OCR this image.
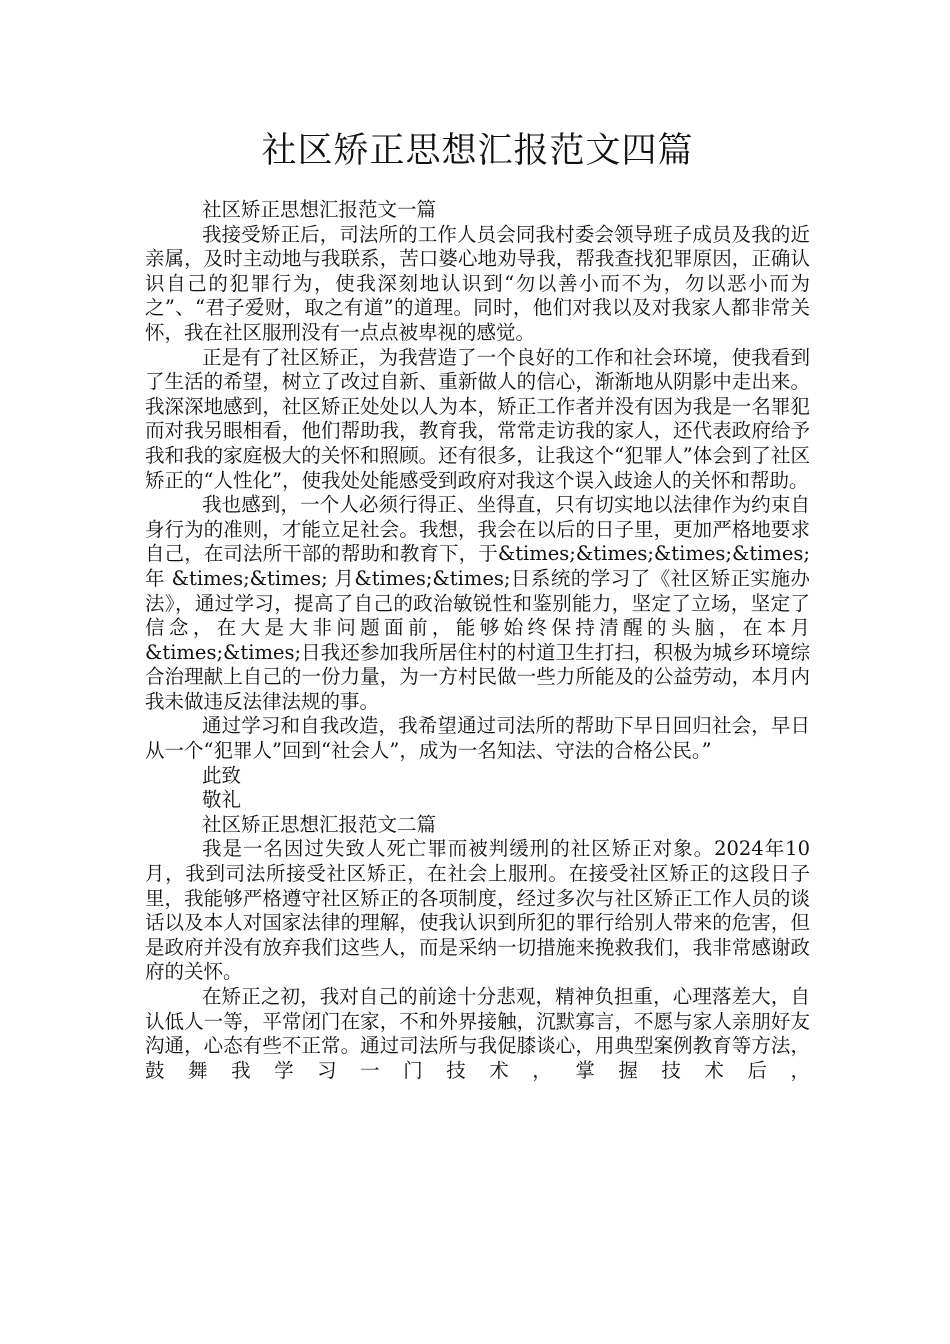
社区矫正思想汇报范文四篇

社区矫正思想汇报范文一篇

我接受矫正后，司法所的工作人员会同我村委会领导班子成员及我的近亲属，及时主动地与我联系，苦口婆心地劝导我，帮我查找犯罪原因，正确认识自己的犯罪行为，使我深刻地认识到“勿以善小而不为，勿以恶小而为之”、“君子爱财，取之有道”的道理。同时，他们对我以及对我家人都非常关怀，我在社区服刑没有一点点被卑视的感觉。

正是有了社区矫正，为我营造了一个良好的工作和社会环境，使我看到了生活的希望，树立了改过自新、重新做人的信心，渐渐地从阴影中走出来。我深深地感到，社区矫正处处以人为本，矫正工作者并没有因为我是一名罪犯而对我另眼相看，他们帮助我，教育我，常常走访我的家人，还代表政府给予我和我的家庭极大的关怀和照顾。还有很多，让我这个“犯罪人”体会到了社区矫正的“人性化”，使我处处能感受到政府对我这个误入歧途人的关怀和帮助。

我也感到，一个人必须行得正、坐得直，只有切实地以法律作为约束自身行为的准则，才能立足社会。我想，我会在以后的日子里，更加严格地要求自己，在司法所干部的帮助和教育下，于&times;&times;&times;&times; 年 &times;&times; 月&times;&times;日系统的学习了《社区矫正实施办法》，通过学习，提高了自己的政治敏锐性和鉴别能力，坚定了立场，坚定了信念，在大是大非问题面前，能够始终保持清醒的头脑，在本月&times;&times;日我还参加我所居住村的村道卫生打扫，积极为城乡环境综合治理献上自己的一份力量，为一方村民做一些力所能及的公益劳动，本月内我未做违反法律法规的事。

通过学习和自我改造，我希望通过司法所的帮助下早日回归社会，早日从一个“犯罪人”回到“社会人”，成为一名知法、守法的合格公民。”

此致

敬礼

社区矫正思想汇报范文二篇

我是一名因过失致人死亡罪而被判缓刑的社区矫正对象。2024年10月，我到司法所接受社区矫正，在社会上服刑。在接受社区矫正的这段日子里，我能够严格遵守社区矫正的各项制度，经过多次与社区矫正工作人员的谈话以及本人对国家法律的理解，使我认识到所犯的罪行给别人带来的危害，但是政府并没有放弃我们这些人，而是采纳一切措施来挽救我们，我非常感谢政府的关怀。

在矫正之初，我对自己的前途十分悲观，精神负担重，心理落差大，自认低人一等，平常闭门在家，不和外界接触，沉默寡言，不愿与家人亲朋好友沟通，心态有些不正常。通过司法所与我促膝谈心，用典型案例教育等方法，鼓舞我学习一门技术，掌握技术后，
